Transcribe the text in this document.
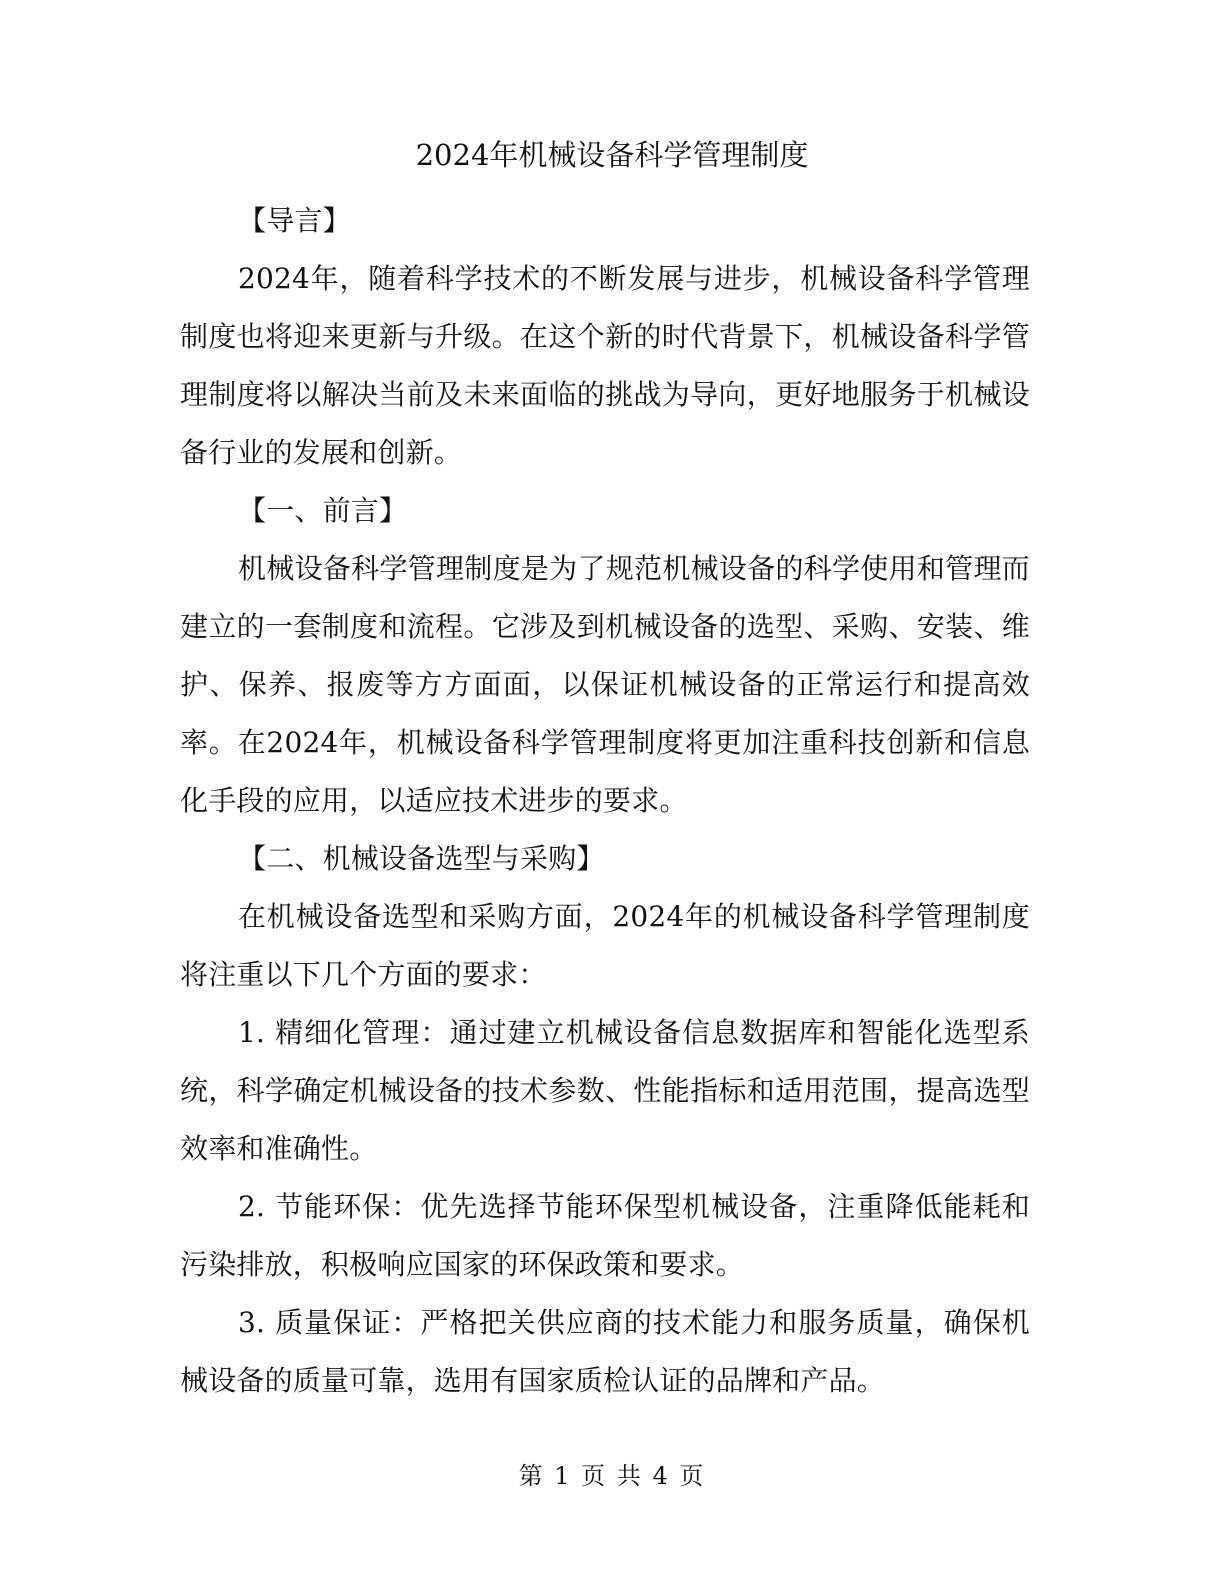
2024年机械设备科学管理制度

【导言】

2024年，随着科学技术的不断发展与进步，机械设备科学管理制度也将迎来更新与升级。在这个新的时代背景下，机械设备科学管理制度将以解决当前及未来面临的挑战为导向，更好地服务于机械设备行业的发展和创新。

【一、前言】

机械设备科学管理制度是为了规范机械设备的科学使用和管理而建立的一套制度和流程。它涉及到机械设备的选型、采购、安装、维护、保养、报废等方方面面，以保证机械设备的正常运行和提高效率。在2024年，机械设备科学管理制度将更加注重科技创新和信息化手段的应用，以适应技术进步的要求。

【二、机械设备选型与采购】

在机械设备选型和采购方面，2024年的机械设备科学管理制度将注重以下几个方面的要求：

1. 精细化管理：通过建立机械设备信息数据库和智能化选型系统，科学确定机械设备的技术参数、性能指标和适用范围，提高选型效率和准确性。

2. 节能环保：优先选择节能环保型机械设备，注重降低能耗和污染排放，积极响应国家的环保政策和要求。

3. 质量保证：严格把关供应商的技术能力和服务质量，确保机械设备的质量可靠，选用有国家质检认证的品牌和产品。

第 1 页 共 4 页
